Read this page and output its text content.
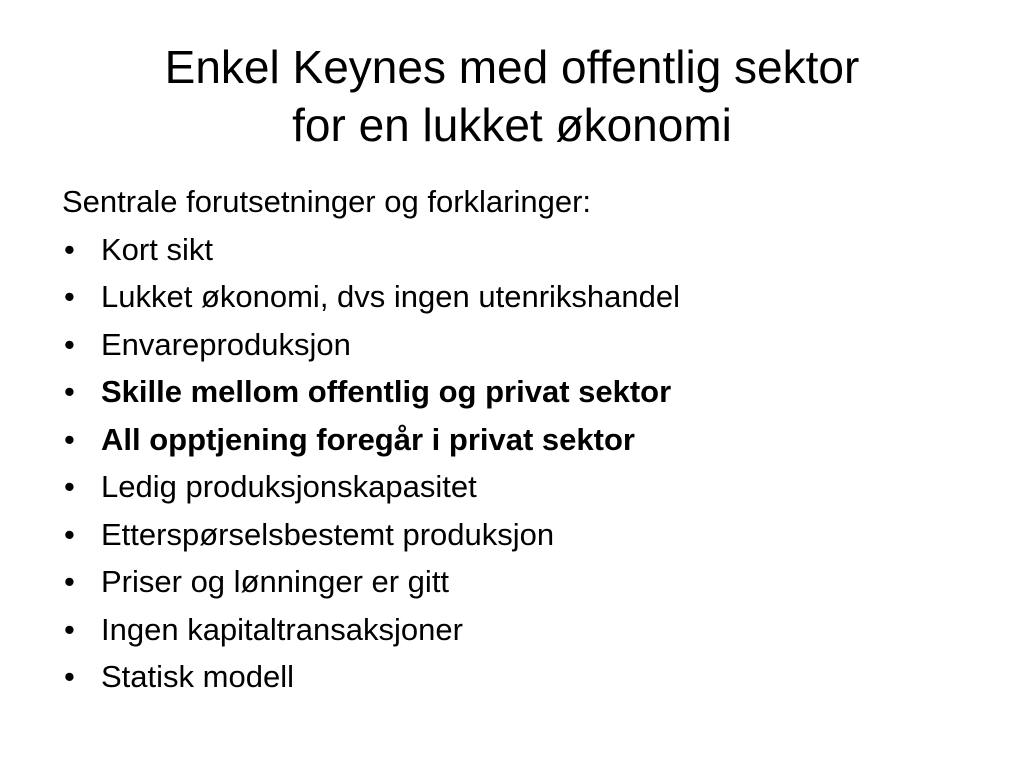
Enkel Keynes med offentlig sektor
for en lukket økonomi

Sentrale forutsetninger og forklaringer:

• Kort sikt
• Lukket økonomi, dvs ingen utenrikshandel
• Envareproduksjon
• Skille mellom offentlig og privat sektor
• All opptjening foregår i privat sektor
• Ledig produksjonskapasitet
• Etterspørselsbestemt produksjon
• Priser og lønninger er gitt
• Ingen kapitaltransaksjoner
• Statisk modell
